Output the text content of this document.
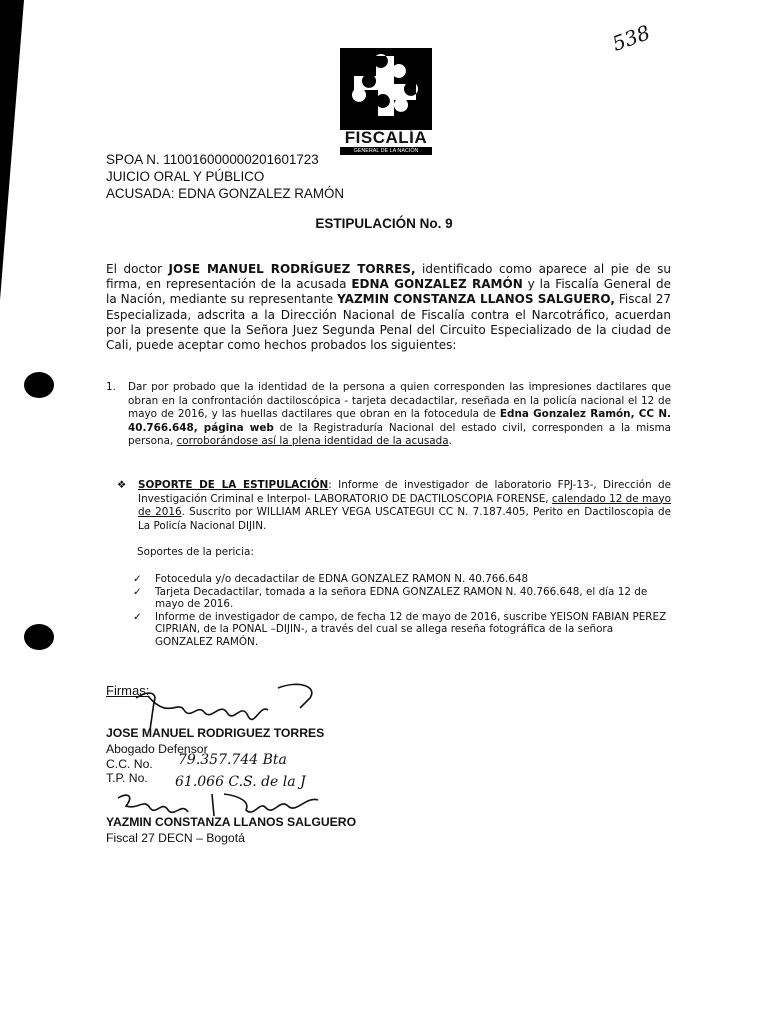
538
FISCALÍA
GENERAL DE LA NACIÓN
SPOA N. 110016000000201601723
JUICIO ORAL Y PÚBLICO
ACUSADA: EDNA GONZALEZ RAMÓN
ESTIPULACIÓN No. 9
El doctor JOSE MANUEL RODRÍGUEZ TORRES, identificado como aparece al pie de su firma, en representación de la acusada EDNA GONZALEZ RAMÓN y la Fiscalía General de la Nación, mediante su representante YAZMIN CONSTANZA LLANOS SALGUERO, Fiscal 27 Especializada, adscrita a la Dirección Nacional de Fiscalía contra el Narcotráfico, acuerdan por la presente que la Señora Juez Segunda Penal del Circuito Especializado de la ciudad de Cali, puede aceptar como hechos probados los siguientes:
1. Dar por probado que la identidad de la persona a quien corresponden las impresiones dactilares que obran en la confrontación dactiloscópica - tarjeta decadactilar, reseñada en la policía nacional el 12 de mayo de 2016, y las huellas dactilares que obran en la fotocedula de Edna Gonzalez Ramón, CC N. 40.766.648, página web de la Registraduría Nacional del estado civil, corresponden a la misma persona, corroborándose así la plena identidad de la acusada.
❖ SOPORTE DE LA ESTIPULACIÓN: Informe de investigador de laboratorio FPJ-13-, Dirección de Investigación Criminal e Interpol- LABORATORIO DE DACTILOSCOPIA FORENSE, calendado 12 de mayo de 2016. Suscrito por WILLIAM ARLEY VEGA USCATEGUI CC N. 7.187.405, Perito en Dactiloscopia de La Policía Nacional DIJIN.
Soportes de la pericia:
✓ Fotocedula y/o decadactilar de EDNA GONZALEZ RAMON N. 40.766.648
✓ Tarjeta Decadactilar, tomada a la señora EDNA GONZALEZ RAMON N. 40.766.648, el día 12 de mayo de 2016.
✓ Informe de investigador de campo, de fecha 12 de mayo de 2016, suscribe YEISON FABIAN PEREZ CIPRIAN, de la PONAL –DIJIN-, a través del cual se allega reseña fotográfica de la señora GONZALEZ RAMÓN.
Firmas:
JOSE MANUEL RODRIGUEZ TORRES
Abogado Defensor
C.C. No. 79.357.744 Bta
T.P. No. 61.066 C.S. de la J
YAZMIN CONSTANZA LLANOS SALGUERO
Fiscal 27 DECN – Bogotá
